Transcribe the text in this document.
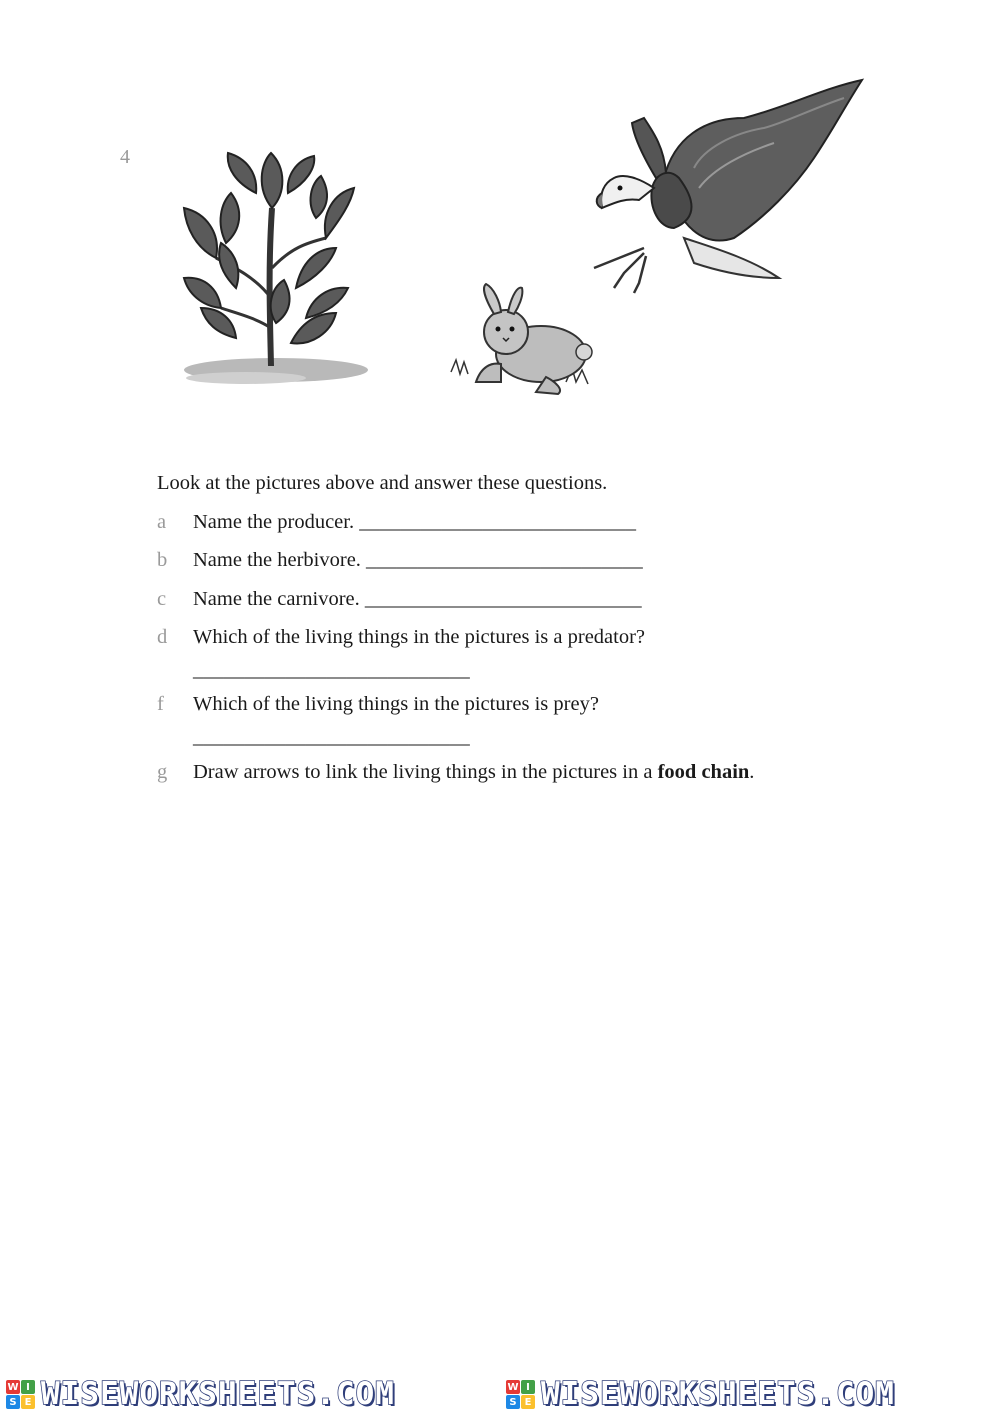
4
Look at the pictures above and answer these questions.
a Name the producer. ___________________________
b Name the herbivore. ___________________________
c Name the carnivore. ___________________________
d Which of the living things in the pictures is a predator?
___________________________
f Which of the living things in the pictures is prey?
___________________________
g Draw arrows to link the living things in the pictures in a food chain.
W I
S E WISEWORKSHEETS.COM	W I
S E WISEWORKSHEETS.COM
